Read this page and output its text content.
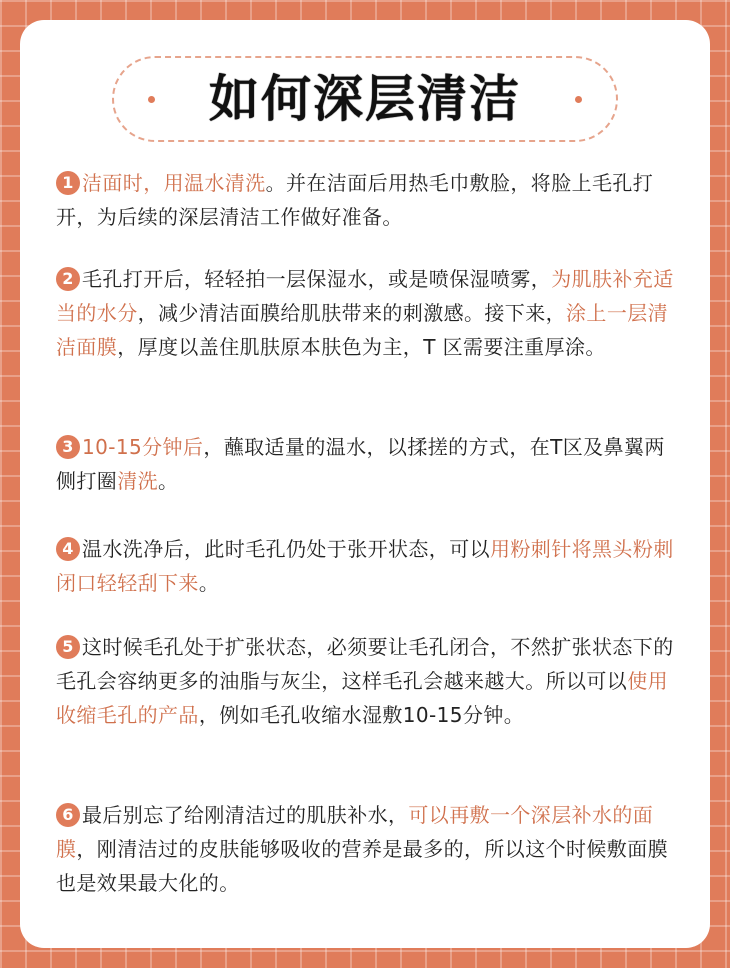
如何深层清洁
1 洁面时，用温水清洗。并在洁面后用热毛巾敷脸，将脸上毛孔打开，为后续的深层清洁工作做好准备。
2 毛孔打开后，轻轻拍一层保湿水，或是喷保湿喷雾，为肌肤补充适当的水分，减少清洁面膜给肌肤带来的刺激感。接下来，涂上一层清洁面膜，厚度以盖住肌肤原本肤色为主，T 区需要注重厚涂。
3 10-15分钟后，蘸取适量的温水，以揉搓的方式，在T区及鼻翼两侧打圈清洗。
4 温水洗净后，此时毛孔仍处于张开状态，可以用粉刺针将黑头粉刺闭口轻轻刮下来。
5 这时候毛孔处于扩张状态，必须要让毛孔闭合，不然扩张状态下的毛孔会容纳更多的油脂与灰尘，这样毛孔会越来越大。所以可以使用收缩毛孔的产品，例如毛孔收缩水湿敷10-15分钟。
6 最后别忘了给刚清洁过的肌肤补水，可以再敷一个深层补水的面膜，刚清洁过的皮肤能够吸收的营养是最多的，所以这个时候敷面膜也是效果最大化的。
